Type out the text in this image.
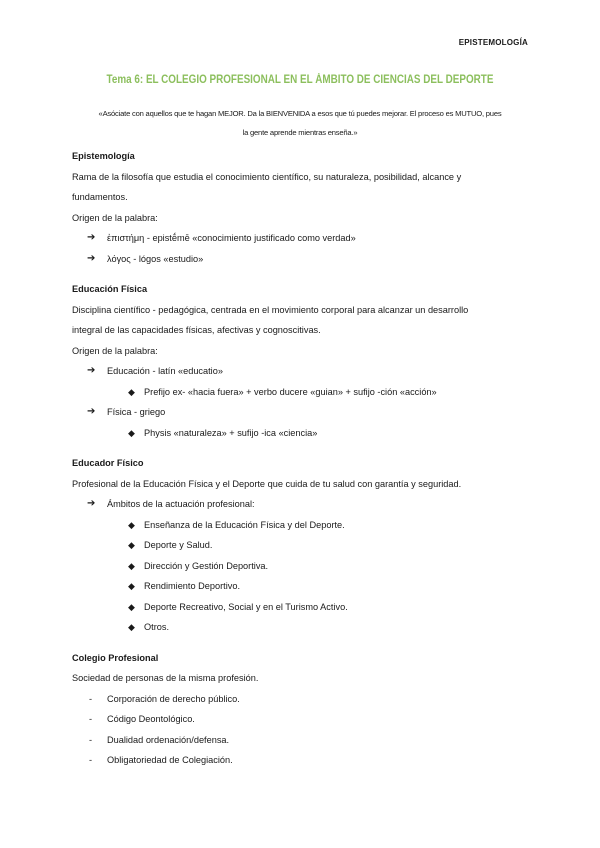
EPISTEMOLOGÍA
Tema 6: EL COLEGIO PROFESIONAL EN EL ÁMBITO DE CIENCIAS DEL DEPORTE
«Asóciate con aquellos que te hagan MEJOR. Da la BIENVENIDA a esos que tú puedes mejorar. El proceso es MUTUO, pues
la gente aprende mientras enseña.»
Epistemología
Rama de la filosofía que estudia el conocimiento científico, su naturaleza, posibilidad, alcance y
fundamentos.
Origen de la palabra:
➔ ἐπιστήμη - epistḗmē «conocimiento justificado como verdad»
➔ λόγος - lógos «estudio»
Educación Física
Disciplina científico - pedagógica, centrada en el movimiento corporal para alcanzar un desarrollo
integral de las capacidades físicas, afectivas y cognoscitivas.
Origen de la palabra:
➔ Educación - latín «educatio»
◆ Prefijo ex- «hacia fuera» + verbo ducere «guian» + sufijo -ción «acción»
➔ Física - griego
◆ Physis «naturaleza» + sufijo -ica «ciencia»
Educador Físico
Profesional de la Educación Física y el Deporte que cuida de tu salud con garantía y seguridad.
➔ Ámbitos de la actuación profesional:
◆ Enseñanza de la Educación Física y del Deporte.
◆ Deporte y Salud.
◆ Dirección y Gestión Deportiva.
◆ Rendimiento Deportivo.
◆ Deporte Recreativo, Social y en el Turismo Activo.
◆ Otros.
Colegio Profesional
Sociedad de personas de la misma profesión.
- Corporación de derecho público.
- Código Deontológico.
- Dualidad ordenación/defensa.
- Obligatoriedad de Colegiación.
